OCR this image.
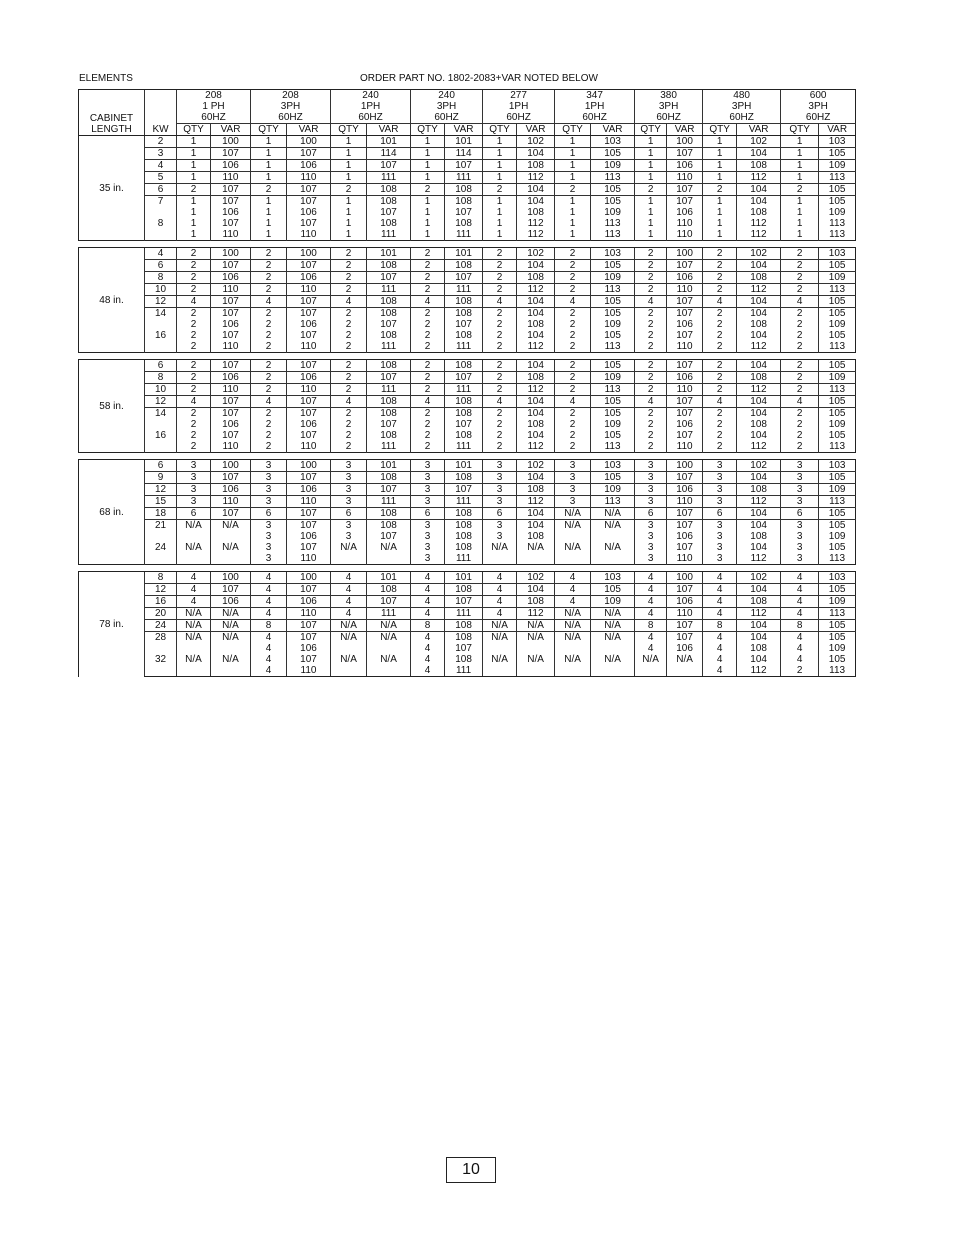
ELEMENTS	ORDER PART NO. 1802-2083+VAR NOTED BELOW
CABINET
LENGTH	KW	208
1 PH
60HZ		208
3PH
60HZ		240
1PH
60HZ		240
3PH
60HZ		277
1PH
60HZ		347
1PH
60HZ		380
3PH
60HZ		480
3PH
60HZ		600
3PH
60HZ	
		QTY	VAR	QTY	VAR	QTY	VAR	QTY	VAR	QTY	VAR	QTY	VAR	QTY	VAR	QTY	VAR	QTY	VAR
35 in.	2	1	100	1	100	1	101	1	101	1	102	1	103	1	100	1	102	1	103
	3	1	107	1	107	1	114	1	114	1	104	1	105	1	107	1	104	1	105
	4	1	106	1	106	1	107	1	107	1	108	1	109	1	106	1	108	1	109
	5	1	110	1	110	1	111	1	111	1	112	1	113	1	110	1	112	1	113
	6	2	107	2	107	2	108	2	108	2	104	2	105	2	107	2	104	2	105
	7	1	107	1	107	1	108	1	108	1	104	1	105	1	107	1	104	1	105
		1	106	1	106	1	107	1	107	1	108	1	109	1	106	1	108	1	109
	8	1	107	1	107	1	108	1	108	1	112	1	113	1	110	1	112	1	113
		1	110	1	110	1	111	1	111	1	112	1	113	1	110	1	112	1	113

48 in.	4	2	100	2	100	2	101	2	101	2	102	2	103	2	100	2	102	2	103
	6	2	107	2	107	2	108	2	108	2	104	2	105	2	107	2	104	2	105
	8	2	106	2	106	2	107	2	107	2	108	2	109	2	106	2	108	2	109
	10	2	110	2	110	2	111	2	111	2	112	2	113	2	110	2	112	2	113
	12	4	107	4	107	4	108	4	108	4	104	4	105	4	107	4	104	4	105
	14	2	107	2	107	2	108	2	108	2	104	2	105	2	107	2	104	2	105
		2	106	2	106	2	107	2	107	2	108	2	109	2	106	2	108	2	109
	16	2	107	2	107	2	108	2	108	2	104	2	105	2	107	2	104	2	105
		2	110	2	110	2	111	2	111	2	112	2	113	2	110	2	112	2	113

58 in.	6	2	107	2	107	2	108	2	108	2	104	2	105	2	107	2	104	2	105
	8	2	106	2	106	2	107	2	107	2	108	2	109	2	106	2	108	2	109
	10	2	110	2	110	2	111	2	111	2	112	2	113	2	110	2	112	2	113
	12	4	107	4	107	4	108	4	108	4	104	4	105	4	107	4	104	4	105
	14	2	107	2	107	2	108	2	108	2	104	2	105	2	107	2	104	2	105
		2	106	2	106	2	107	2	107	2	108	2	109	2	106	2	108	2	109
	16	2	107	2	107	2	108	2	108	2	104	2	105	2	107	2	104	2	105
		2	110	2	110	2	111	2	111	2	112	2	113	2	110	2	112	2	113

68 in.	6	3	100	3	100	3	101	3	101	3	102	3	103	3	100	3	102	3	103
	9	3	107	3	107	3	108	3	108	3	104	3	105	3	107	3	104	3	105
	12	3	106	3	106	3	107	3	107	3	108	3	109	3	106	3	108	3	109
	15	3	110	3	110	3	111	3	111	3	112	3	113	3	110	3	112	3	113
	18	6	107	6	107	6	108	6	108	6	104	N/A	N/A	6	107	6	104	6	105
	21	N/A	N/A	3	107	3	108	3	108	3	104	N/A	N/A	3	107	3	104	3	105
				3	106	3	107	3	108	3	108			3	106	3	108	3	109
	24	N/A	N/A	3	107	N/A	N/A	3	108	N/A	N/A	N/A	N/A	3	107	3	104	3	105
				3	110			3	111					3	110	3	112	3	113

78 in.	8	4	100	4	100	4	101	4	101	4	102	4	103	4	100	4	102	4	103
	12	4	107	4	107	4	108	4	108	4	104	4	105	4	107	4	104	4	105
	16	4	106	4	106	4	107	4	107	4	108	4	109	4	106	4	108	4	109
	20	N/A	N/A	4	110	4	111	4	111	4	112	N/A	N/A	4	110	4	112	4	113
	24	N/A	N/A	8	107	N/A	N/A	8	108	N/A	N/A	N/A	N/A	8	107	8	104	8	105
	28	N/A	N/A	4	107	N/A	N/A	4	108	N/A	N/A	N/A	N/A	4	107	4	104	4	105
				4	106			4	107					4	106	4	108	4	109
	32	N/A	N/A	4	107	N/A	N/A	4	108	N/A	N/A	N/A	N/A	N/A	N/A	4	104	4	105
				4	110			4	111							4	112	2	113
10
